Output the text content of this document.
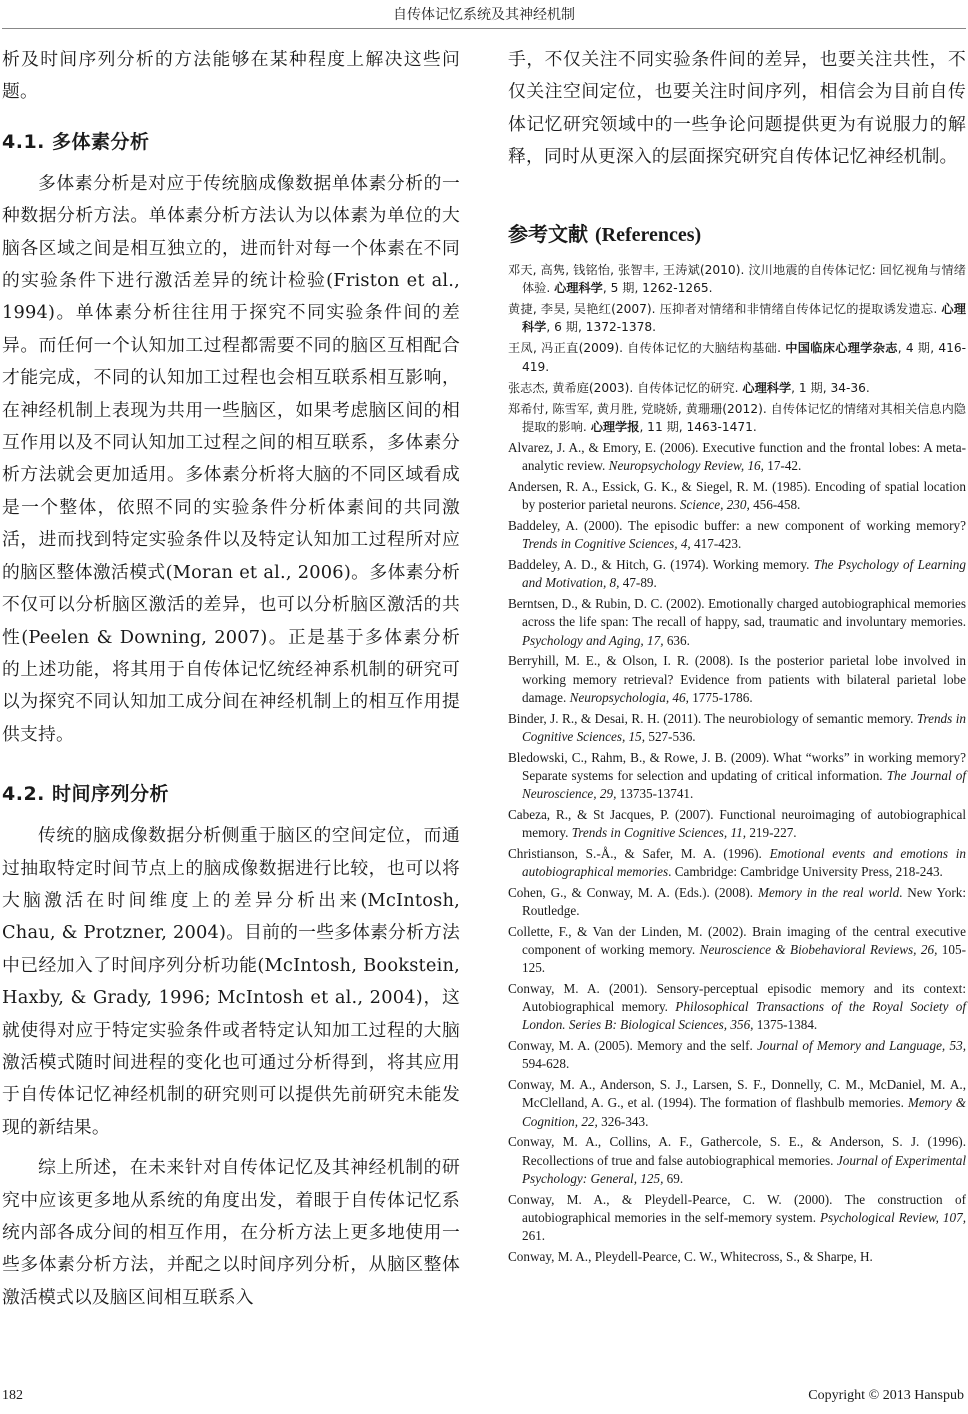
自传体记忆系统及其神经机制

析及时间序列分析的方法能够在某种程度上解决这些问题。

4.1. 多体素分析

多体素分析是对应于传统脑成像数据单体素分析的一种数据分析方法。单体素分析方法认为以体素为单位的大脑各区域之间是相互独立的，进而针对每一个体素在不同的实验条件下进行激活差异的统计检验(Friston et al., 1994)。单体素分析往往用于探究不同实验条件间的差异。而任何一个认知加工过程都需要不同的脑区互相配合才能完成，不同的认知加工过程也会相互联系相互影响，在神经机制上表现为共用一些脑区，如果考虑脑区间的相互作用以及不同认知加工过程之间的相互联系，多体素分析方法就会更加适用。多体素分析将大脑的不同区域看成是一个整体，依照不同的实验条件分析体素间的共同激活，进而找到特定实验条件以及特定认知加工过程所对应的脑区整体激活模式(Moran et al., 2006)。多体素分析不仅可以分析脑区激活的差异，也可以分析脑区激活的共性(Peelen & Downing, 2007)。正是基于多体素分析的上述功能，将其用于自传体记忆统经神系机制的研究可以为探究不同认知加工成分间在神经机制上的相互作用提供支持。

4.2. 时间序列分析

传统的脑成像数据分析侧重于脑区的空间定位，而通过抽取特定时间节点上的脑成像数据进行比较，也可以将大脑激活在时间维度上的差异分析出来(McIntosh, Chau, & Protzner, 2004)。目前的一些多体素分析方法中已经加入了时间序列分析功能(McIntosh, Bookstein, Haxby, & Grady, 1996; McIntosh et al., 2004)，这就使得对应于特定实验条件或者特定认知加工过程的大脑激活模式随时间进程的变化也可通过分析得到，将其应用于自传体记忆神经机制的研究则可以提供先前研究未能发现的新结果。

综上所述，在未来针对自传体记忆及其神经机制的研究中应该更多地从系统的角度出发，着眼于自传体记忆系统内部各成分间的相互作用，在分析方法上更多地使用一些多体素分析方法，并配之以时间序列分析，从脑区整体激活模式以及脑区间相互联系入

手，不仅关注不同实验条件间的差异，也要关注共性，不仅关注空间定位，也要关注时间序列，相信会为目前自传体记忆研究领域中的一些争论问题提供更为有说服力的解释，同时从更深入的层面探究研究自传体记忆神经机制。

参考文献 (References)

邓天, 高隽, 钱铭怡, 张智丰, 王涛斌(2010). 汶川地震的自传体记忆: 回忆视角与情绪体验. 心理科学, 5 期, 1262-1265.

黄捷, 李昊, 吴艳红(2007). 压抑者对情绪和非情绪自传体记忆的提取诱发遗忘. 心理科学, 6 期, 1372-1378.

王凤, 冯正直(2009). 自传体记忆的大脑结构基础. 中国临床心理学杂志, 4 期, 416-419.

张志杰, 黄希庭(2003). 自传体记忆的研究. 心理科学, 1 期, 34-36.

郑希付, 陈雪军, 黄月胜, 党晓娇, 黄珊珊(2012). 自传体记忆的情绪对其相关信息内隐提取的影响. 心理学报, 11 期, 1463-1471.

Alvarez, J. A., & Emory, E. (2006). Executive function and the frontal lobes: A meta-analytic review. Neuropsychology Review, 16, 17-42.

Andersen, R. A., Essick, G. K., & Siegel, R. M. (1985). Encoding of spatial location by posterior parietal neurons. Science, 230, 456-458.

Baddeley, A. (2000). The episodic buffer: a new component of working memory? Trends in Cognitive Sciences, 4, 417-423.

Baddeley, A. D., & Hitch, G. (1974). Working memory. The Psychology of Learning and Motivation, 8, 47-89.

Berntsen, D., & Rubin, D. C. (2002). Emotionally charged autobiographical memories across the life span: The recall of happy, sad, traumatic and involuntary memories. Psychology and Aging, 17, 636.

Berryhill, M. E., & Olson, I. R. (2008). Is the posterior parietal lobe involved in working memory retrieval? Evidence from patients with bilateral parietal lobe damage. Neuropsychologia, 46, 1775-1786.

Binder, J. R., & Desai, R. H. (2011). The neurobiology of semantic memory. Trends in Cognitive Sciences, 15, 527-536.

Bledowski, C., Rahm, B., & Rowe, J. B. (2009). What “works” in working memory? Separate systems for selection and updating of critical information. The Journal of Neuroscience, 29, 13735-13741.

Cabeza, R., & St Jacques, P. (2007). Functional neuroimaging of autobiographical memory. Trends in Cognitive Sciences, 11, 219-227.

Christianson, S.-Å., & Safer, M. A. (1996). Emotional events and emotions in autobiographical memories. Cambridge: Cambridge University Press, 218-243.

Cohen, G., & Conway, M. A. (Eds.). (2008). Memory in the real world. New York: Routledge.

Collette, F., & Van der Linden, M. (2002). Brain imaging of the central executive component of working memory. Neuroscience & Biobehavioral Reviews, 26, 105-125.

Conway, M. A. (2001). Sensory-perceptual episodic memory and its context: Autobiographical memory. Philosophical Transactions of the Royal Society of London. Series B: Biological Sciences, 356, 1375-1384.

Conway, M. A. (2005). Memory and the self. Journal of Memory and Language, 53, 594-628.

Conway, M. A., Anderson, S. J., Larsen, S. F., Donnelly, C. M., McDaniel, M. A., McClelland, A. G., et al. (1994). The formation of flashbulb memories. Memory & Cognition, 22, 326-343.

Conway, M. A., Collins, A. F., Gathercole, S. E., & Anderson, S. J. (1996). Recollections of true and false autobiographical memories. Journal of Experimental Psychology: General, 125, 69.

Conway, M. A., & Pleydell-Pearce, C. W. (2000). The construction of autobiographical memories in the self-memory system. Psychological Review, 107, 261.

Conway, M. A., Pleydell-Pearce, C. W., Whitecross, S., & Sharpe, H.

182	Copyright © 2013 Hanspub
